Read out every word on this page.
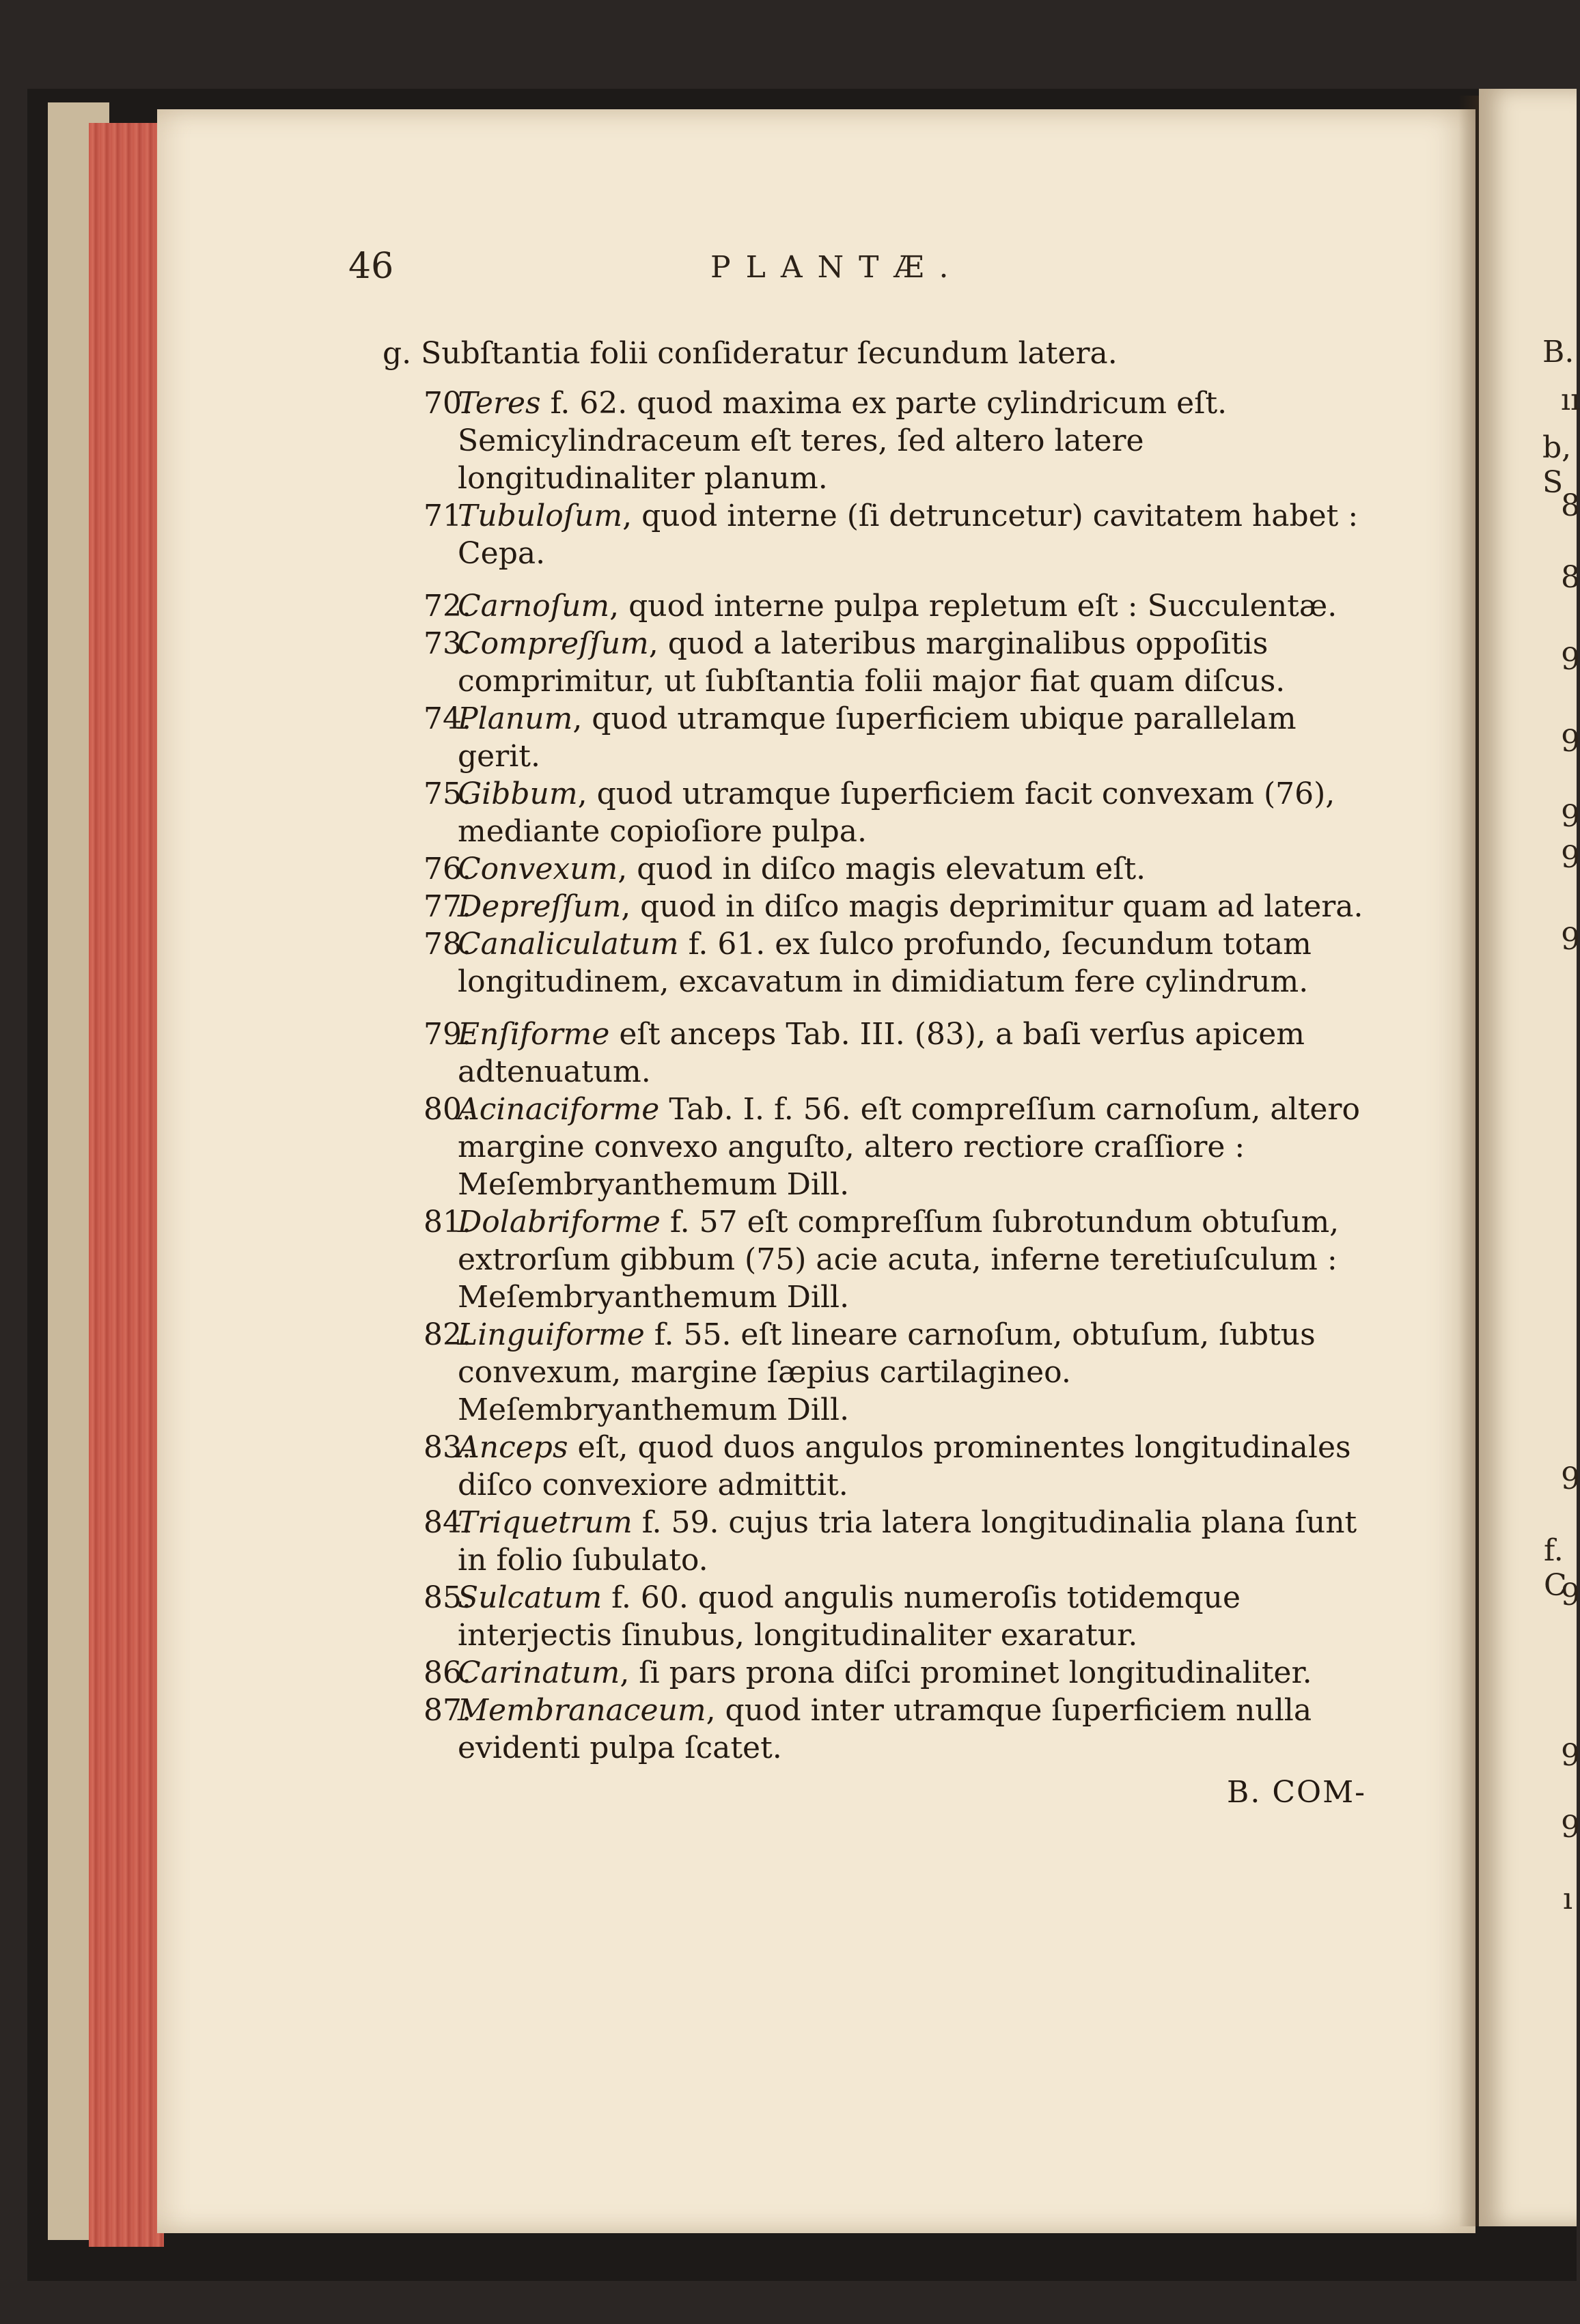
B.
ıı
b, S
8
8
9
9
9
9
9
9
f. C
9
9
9
ı
46	PLANTÆ.
g. Subſtantia folii conſideratur ſecundum latera.
70.
Teres f. 62. quod maxima ex parte cylindricum eſt. Semicylindraceum eſt teres, ſed altero latere longitudinaliter planum.
71.
Tubuloſum, quod interne (ſi detruncetur) cavitatem habet : Cepa.
72.
Carnoſum, quod interne pulpa repletum eſt : Succulentæ.
73.
Compreſſum, quod a lateribus marginalibus oppoſitis comprimitur, ut ſubſtantia folii major fiat quam diſcus.
74.
Planum, quod utramque ſuperficiem ubique parallelam gerit.
75.
Gibbum, quod utramque ſuperficiem facit convexam (76), mediante copioſiore pulpa.
76.
Convexum, quod in diſco magis elevatum eſt.
77.
Depreſſum, quod in diſco magis deprimitur quam ad latera.
78.
Canaliculatum f. 61. ex ſulco profundo, ſecundum totam longitudinem, excavatum in dimidiatum fere cylindrum.
79.
Enſiforme eſt anceps Tab. III. (83), a baſi verſus apicem adtenuatum.
80.
Acinaciforme Tab. I. f. 56. eſt compreſſum carnoſum, altero margine convexo anguſto, altero rectiore craſſiore : Meſembryanthemum Dill.
81.
Dolabriforme f. 57 eſt compreſſum ſubrotundum obtuſum, extrorſum gibbum (75) acie acuta, inferne teretiuſculum : Meſembryanthemum Dill.
82.
Linguiforme f. 55. eſt lineare carnoſum, obtuſum, ſubtus convexum, margine ſæpius cartilagineo. Meſembryanthemum Dill.
83.
Anceps eſt, quod duos angulos prominentes longitudinales diſco convexiore admittit.
84.
Triquetrum f. 59. cujus tria latera longitudinalia plana ſunt in folio ſubulato.
85.
Sulcatum f. 60. quod angulis numeroſis totidemque interjectis ſinubus, longitudinaliter exaratur.
86.
Carinatum, ſi pars prona diſci prominet longitudinaliter.
87.
Membranaceum, quod inter utramque ſuperficiem nulla evidenti pulpa ſcatet.
B. COM-
